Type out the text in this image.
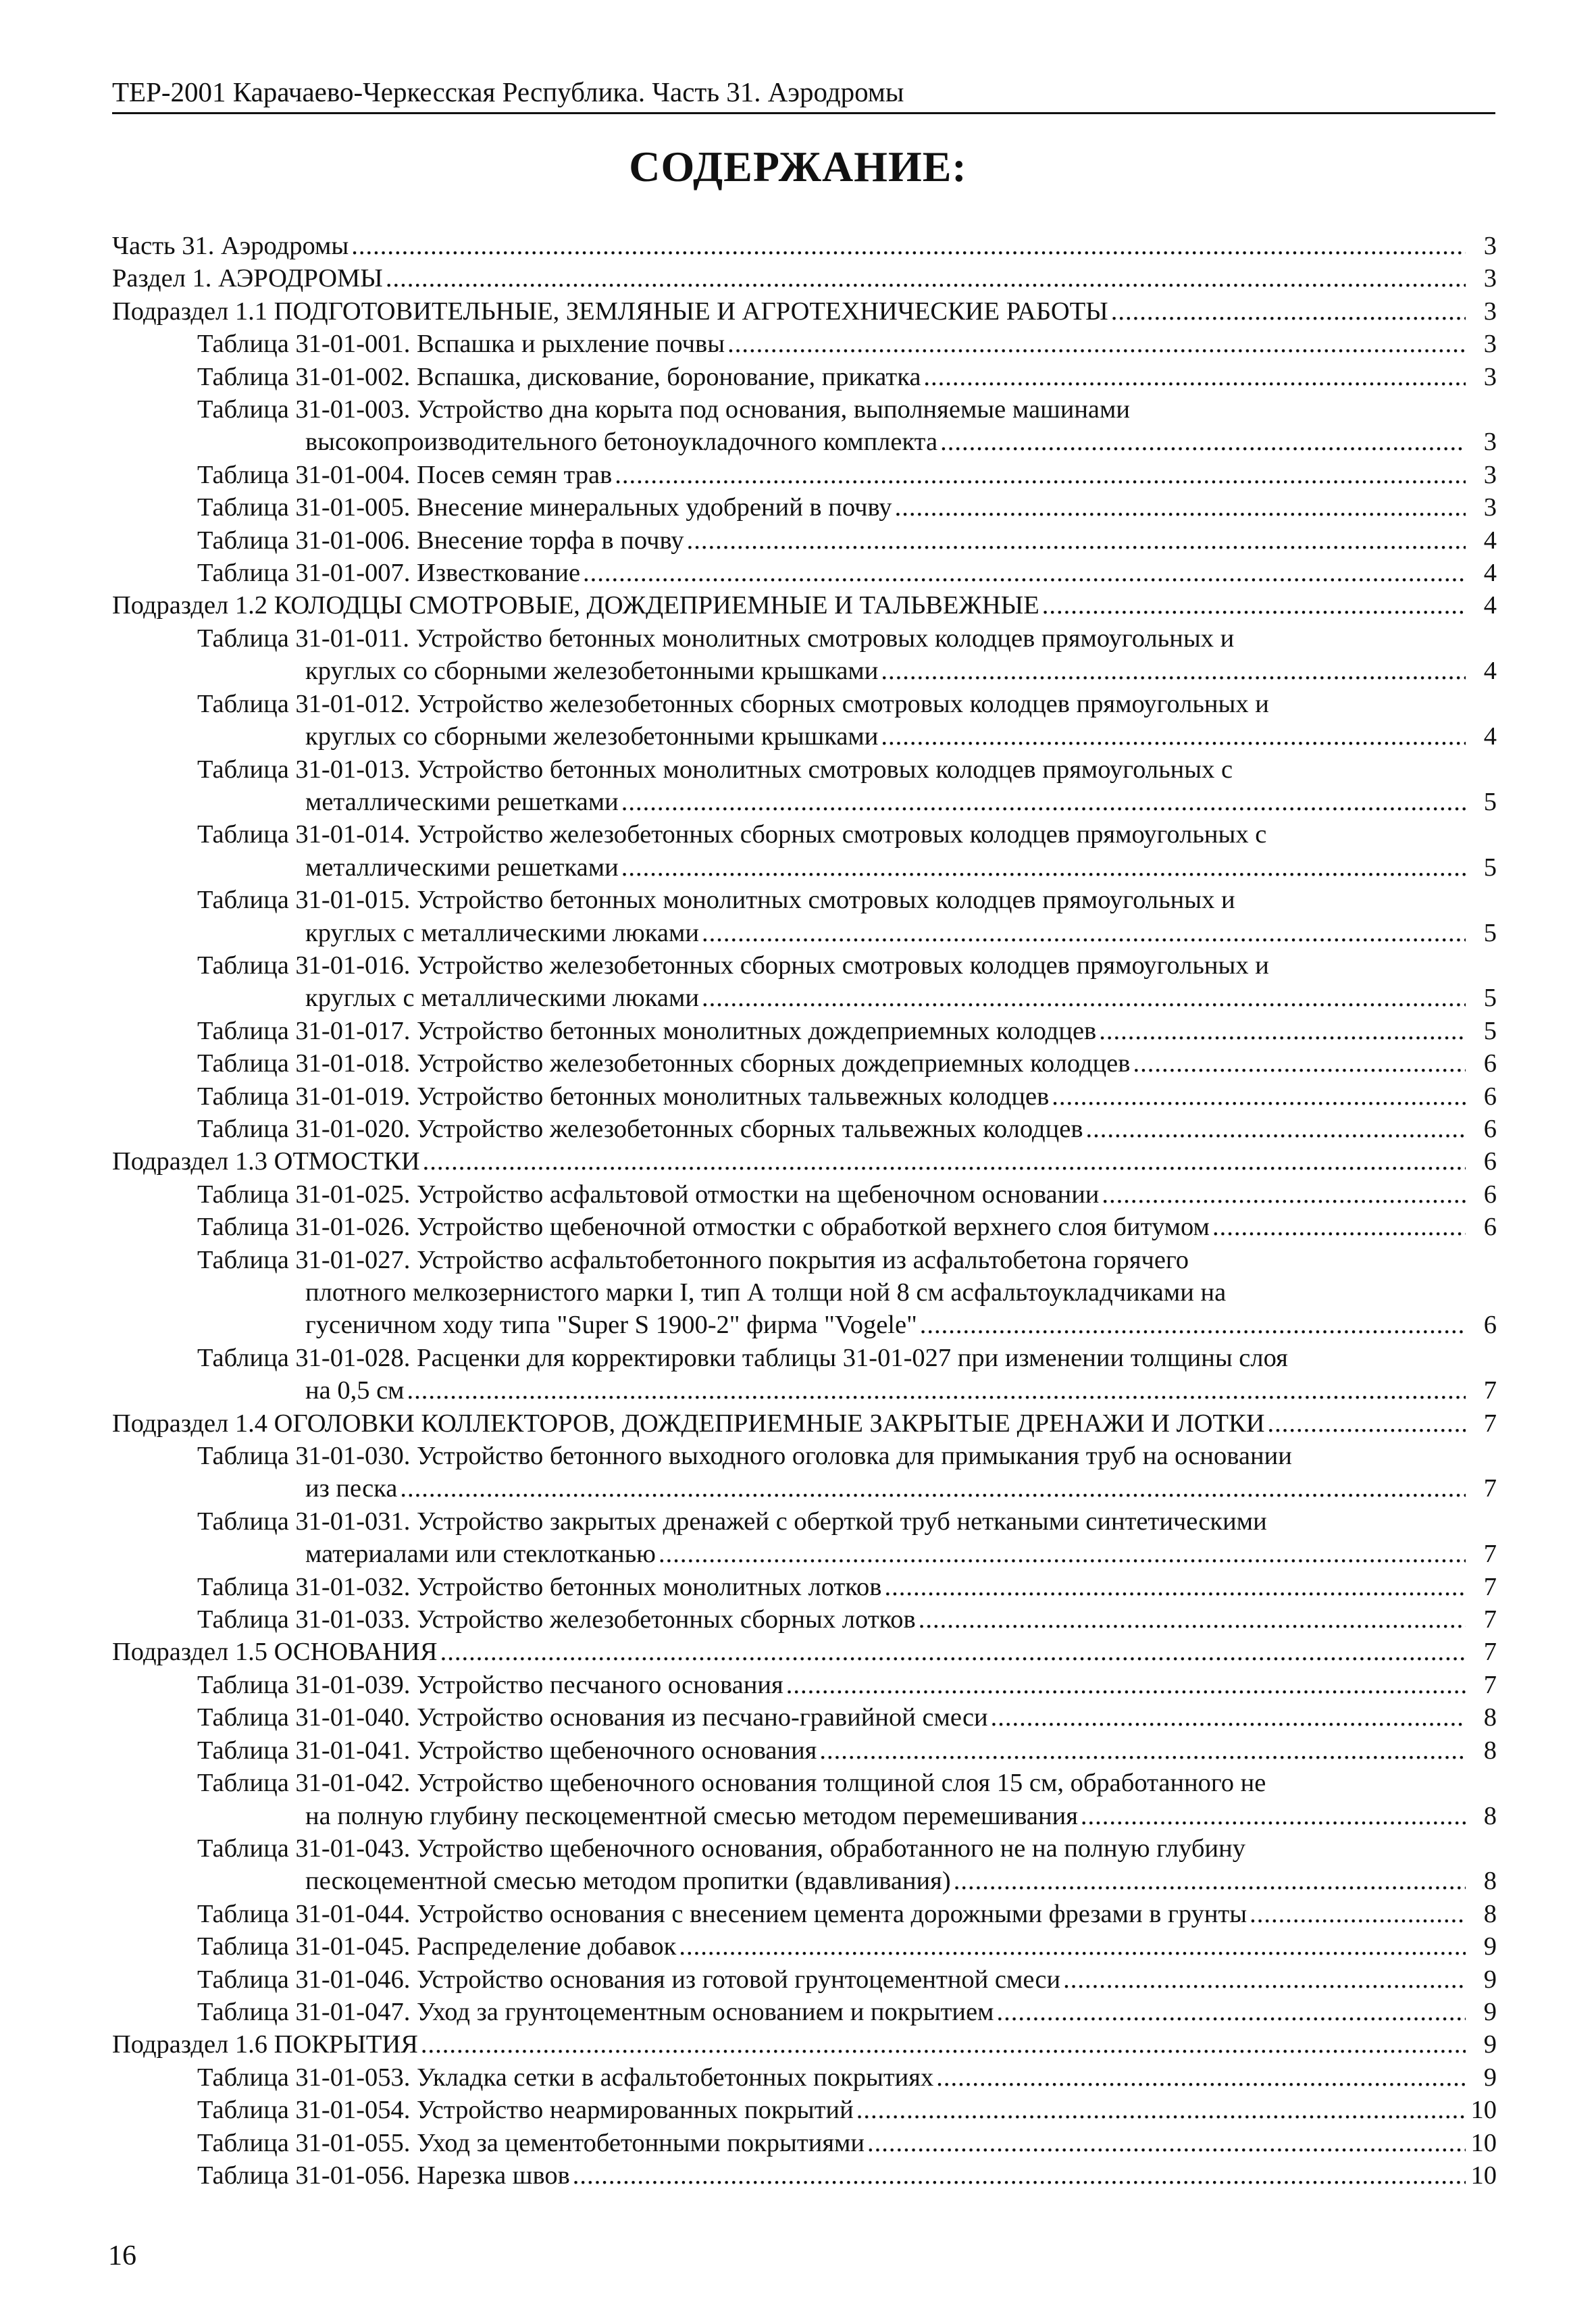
ТЕР-2001 Карачаево-Черкесская Республика. Часть 31. Аэродромы
СОДЕРЖАНИЕ:
Часть 31. Аэродромы .....	3
Раздел 1. АЭРОДРОМЫ .....	3
Подраздел 1.1 ПОДГОТОВИТЕЛЬНЫЕ, ЗЕМЛЯНЫЕ И АГРОТЕХНИЧЕСКИЕ РАБОТЫ .....	3
Таблица 31-01-001. Вспашка и рыхление почвы .....	3
Таблица 31-01-002. Вспашка, дискование, боронование, прикатка .....	3
Таблица 31-01-003. Устройство дна корыта под основания, выполняемые машинами
высокопроизводительного бетоноукладочного комплекта .....	3
Таблица 31-01-004. Посев семян трав .....	3
Таблица 31-01-005. Внесение минеральных удобрений в почву .....	3
Таблица 31-01-006. Внесение торфа в почву .....	4
Таблица 31-01-007. Известкование .....	4
Подраздел 1.2 КОЛОДЦЫ СМОТРОВЫЕ, ДОЖДЕПРИЕМНЫЕ И ТАЛЬВЕЖНЫЕ .....	4
Таблица 31-01-011. Устройство бетонных монолитных смотровых колодцев прямоугольных и
круглых со сборными железобетонными крышками .....	4
Таблица 31-01-012. Устройство железобетонных сборных смотровых колодцев прямоугольных и
круглых со сборными железобетонными крышками .....	4
Таблица 31-01-013. Устройство бетонных монолитных смотровых колодцев прямоугольных с
металлическими решетками .....	5
Таблица 31-01-014. Устройство железобетонных сборных смотровых колодцев прямоугольных с
металлическими решетками .....	5
Таблица 31-01-015. Устройство бетонных монолитных смотровых колодцев прямоугольных и
круглых с металлическими люками .....	5
Таблица 31-01-016. Устройство железобетонных сборных смотровых колодцев прямоугольных и
круглых с металлическими люками .....	5
Таблица 31-01-017. Устройство бетонных монолитных дождеприемных колодцев .....	5
Таблица 31-01-018. Устройство железобетонных сборных дождеприемных колодцев .....	6
Таблица 31-01-019. Устройство бетонных монолитных тальвежных колодцев .....	6
Таблица 31-01-020. Устройство железобетонных сборных тальвежных колодцев .....	6
Подраздел 1.3 ОТМОСТКИ .....	6
Таблица 31-01-025. Устройство асфальтовой отмостки на щебеночном основании .....	6
Таблица 31-01-026. Устройство щебеночной отмостки с обработкой верхнего слоя битумом .....	6
Таблица 31-01-027. Устройство асфальтобетонного покрытия из асфальтобетона горячего
плотного мелкозернистого марки I, тип А толщи ной 8 см асфальтоукладчиками на
гусеничном ходу типа "Super S 1900-2" фирма "Vogele" .....	6
Таблица 31-01-028. Расценки для корректировки таблицы 31-01-027 при изменении толщины слоя
на 0,5 см .....	7
Подраздел 1.4 ОГОЛОВКИ КОЛЛЕКТОРОВ, ДОЖДЕПРИЕМНЫЕ ЗАКРЫТЫЕ ДРЕНАЖИ И ЛОТКИ .....	7
Таблица 31-01-030. Устройство бетонного выходного оголовка для примыкания труб на основании
из песка .....	7
Таблица 31-01-031. Устройство закрытых дренажей с оберткой труб неткаными синтетическими
материалами или стеклотканью .....	7
Таблица 31-01-032. Устройство бетонных монолитных лотков .....	7
Таблица 31-01-033. Устройство железобетонных сборных лотков .....	7
Подраздел 1.5 ОСНОВАНИЯ .....	7
Таблица 31-01-039. Устройство песчаного основания .....	7
Таблица 31-01-040. Устройство основания из песчано-гравийной смеси .....	8
Таблица 31-01-041. Устройство щебеночного основания .....	8
Таблица 31-01-042. Устройство щебеночного основания толщиной слоя 15 см, обработанного не
на полную глубину пескоцементной смесью методом перемешивания .....	8
Таблица 31-01-043. Устройство щебеночного основания, обработанного не на полную глубину
пескоцементной смесью методом пропитки (вдавливания) .....	8
Таблица 31-01-044. Устройство основания с внесением цемента дорожными фрезами в грунты .....	8
Таблица 31-01-045. Распределение добавок .....	9
Таблица 31-01-046. Устройство основания из готовой грунтоцементной смеси .....	9
Таблица 31-01-047. Уход за грунтоцементным основанием и покрытием .....	9
Подраздел 1.6 ПОКРЫТИЯ .....	9
Таблица 31-01-053. Укладка сетки в асфальтобетонных покрытиях .....	9
Таблица 31-01-054. Устройство неармированных покрытий .....	10
Таблица 31-01-055. Уход за цементобетонными покрытиями .....	10
Таблица 31-01-056. Нарезка швов .....	10
16
